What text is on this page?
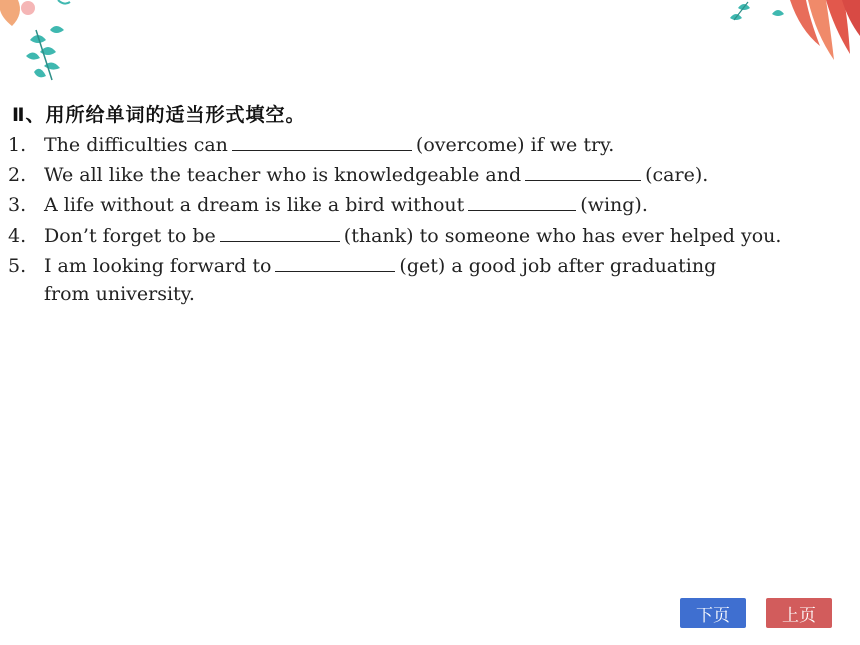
Ⅱ、用所给单词的适当形式填空。
1. The difficulties can	(overcome) if we try.
2. We all like the teacher who is knowledgeable and	(care).
3. A life without a dream is like a bird without	(wing).
4. Don’t forget to be	(thank) to someone who has ever helped you.
5. I am looking forward to	(get) a good job after graduating
from university.
下页	上页
